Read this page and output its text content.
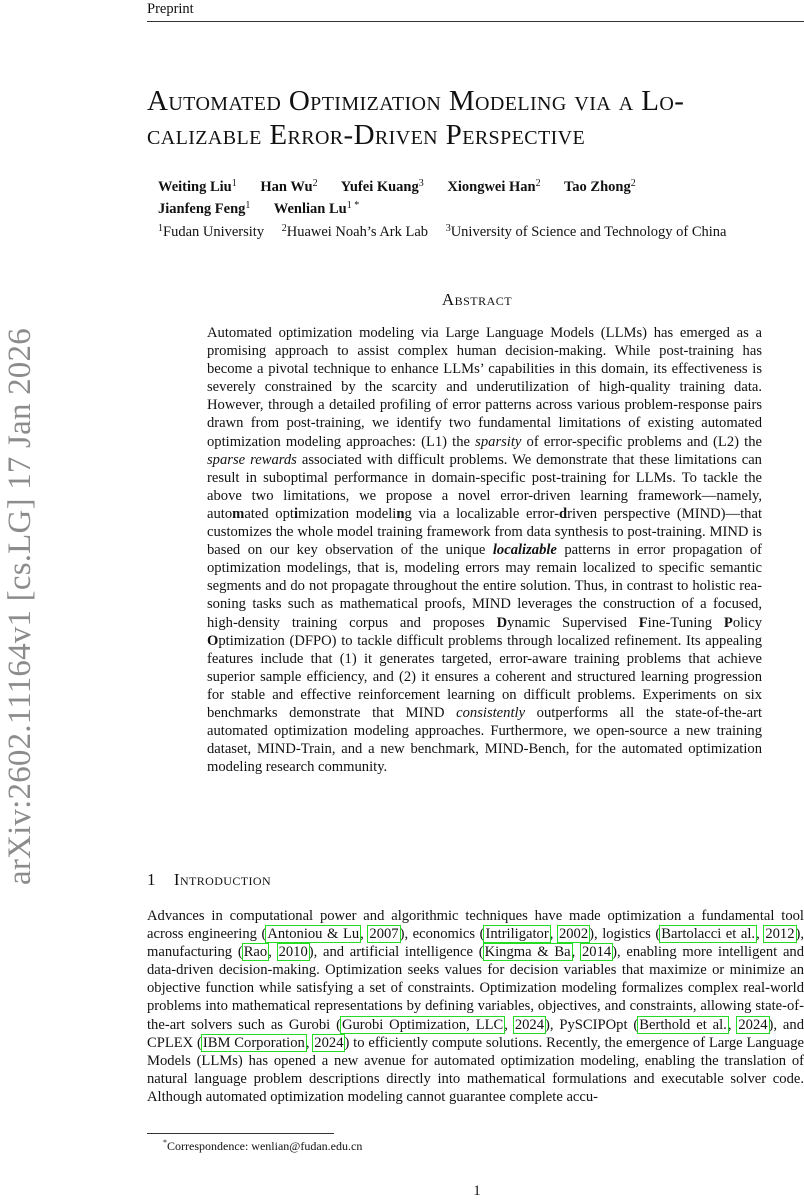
Preprint
arXiv:2602.11164v1 [cs.LG] 17 Jan 2026
Automated Optimization Modeling via a Lo-
calizable Error-Driven Perspective
Weiting Liu$^1$ Han Wu$^2$ Yufei Kuang$^3$ Xiongwei Han$^2$ Tao Zhong$^2$
Jianfeng Feng$^1$ Wenlian $Lu^{1 *}$
$^1$Fudan University $^2$Huawei Noah’s Ark Lab $^3$University of Science and Technology of China
Abstract
Automated optimization modeling via Large Language Models (LLMs) has emerged as a promising approach to assist complex human decision-making. While post-training has become a pivotal technique to enhance LLMs’ capabilities in this domain, its effectiveness is severely constrained by the scarcity and underutilization of high-quality training data. However, through a detailed profiling of error patterns across various problem-response pairs drawn from post-training, we identify two fundamental limitations of existing automated optimization modeling approaches: (L1) the sparsity of error-specific problems and (L2) the sparse rewards associated with difficult problems. We demonstrate that these limitations can result in suboptimal performance in domain-specific post-training for LLMs. To tackle the above two limitations, we propose a novel error-driven learning framework—namely, automated optimization modeling via a localizable error-driven perspective (MIND)—that customizes the whole model training framework from data synthesis to post-training. MIND is based on our key observation of the unique localizable patterns in error propagation of optimization modelings, that is, modeling errors may remain localized to specific semantic segments and do not propagate throughout the entire solution. Thus, in contrast to holistic reasoning tasks such as mathematical proofs, MIND leverages the construction of a focused, high-density training corpus and proposes Dynamic Supervised Fine-Tuning Policy Optimization (DFPO) to tackle difficult problems through localized refinement. Its appealing features include that (1) it generates targeted, error-aware training problems that achieve superior sample efficiency, and (2) it ensures a coherent and structured learning progression for stable and effective reinforcement learning on difficult problems. Experiments on six benchmarks demonstrate that MIND consistently outperforms all the state-of-the-art automated optimization modeling approaches. Furthermore, we open-source a new training dataset, MIND-Train, and a new benchmark, MIND-Bench, for the automated optimization modeling research community.
1 Introduction
Advances in computational power and algorithmic techniques have made optimization a fundamental tool across engineering (Antoniou & Lu, 2007), economics (Intriligator, 2002), logistics (Bartolacci et al., 2012), manufacturing (Rao, 2010), and artificial intelligence (Kingma & Ba, 2014), enabling more intelligent and data-driven decision-making. Optimization seeks values for decision variables that maximize or minimize an objective function while satisfying a set of constraints. Optimization modeling formalizes complex real-world problems into mathematical representations by defining variables, objectives, and constraints, allowing state-of-the-art solvers such as Gurobi (Gurobi Optimization, LLC, 2024), PySCIPOpt (Berthold et al., 2024), and CPLEX (IBM Corporation, 2024) to efficiently compute solutions. Recently, the emergence of Large Language Models (LLMs) has opened a new avenue for automated optimization modeling, enabling the translation of natural language problem descriptions directly into mathematical formulations and executable solver code. Although automated optimization modeling cannot guarantee complete accu-
*Correspondence: wenlian@fudan.edu.cn
1
